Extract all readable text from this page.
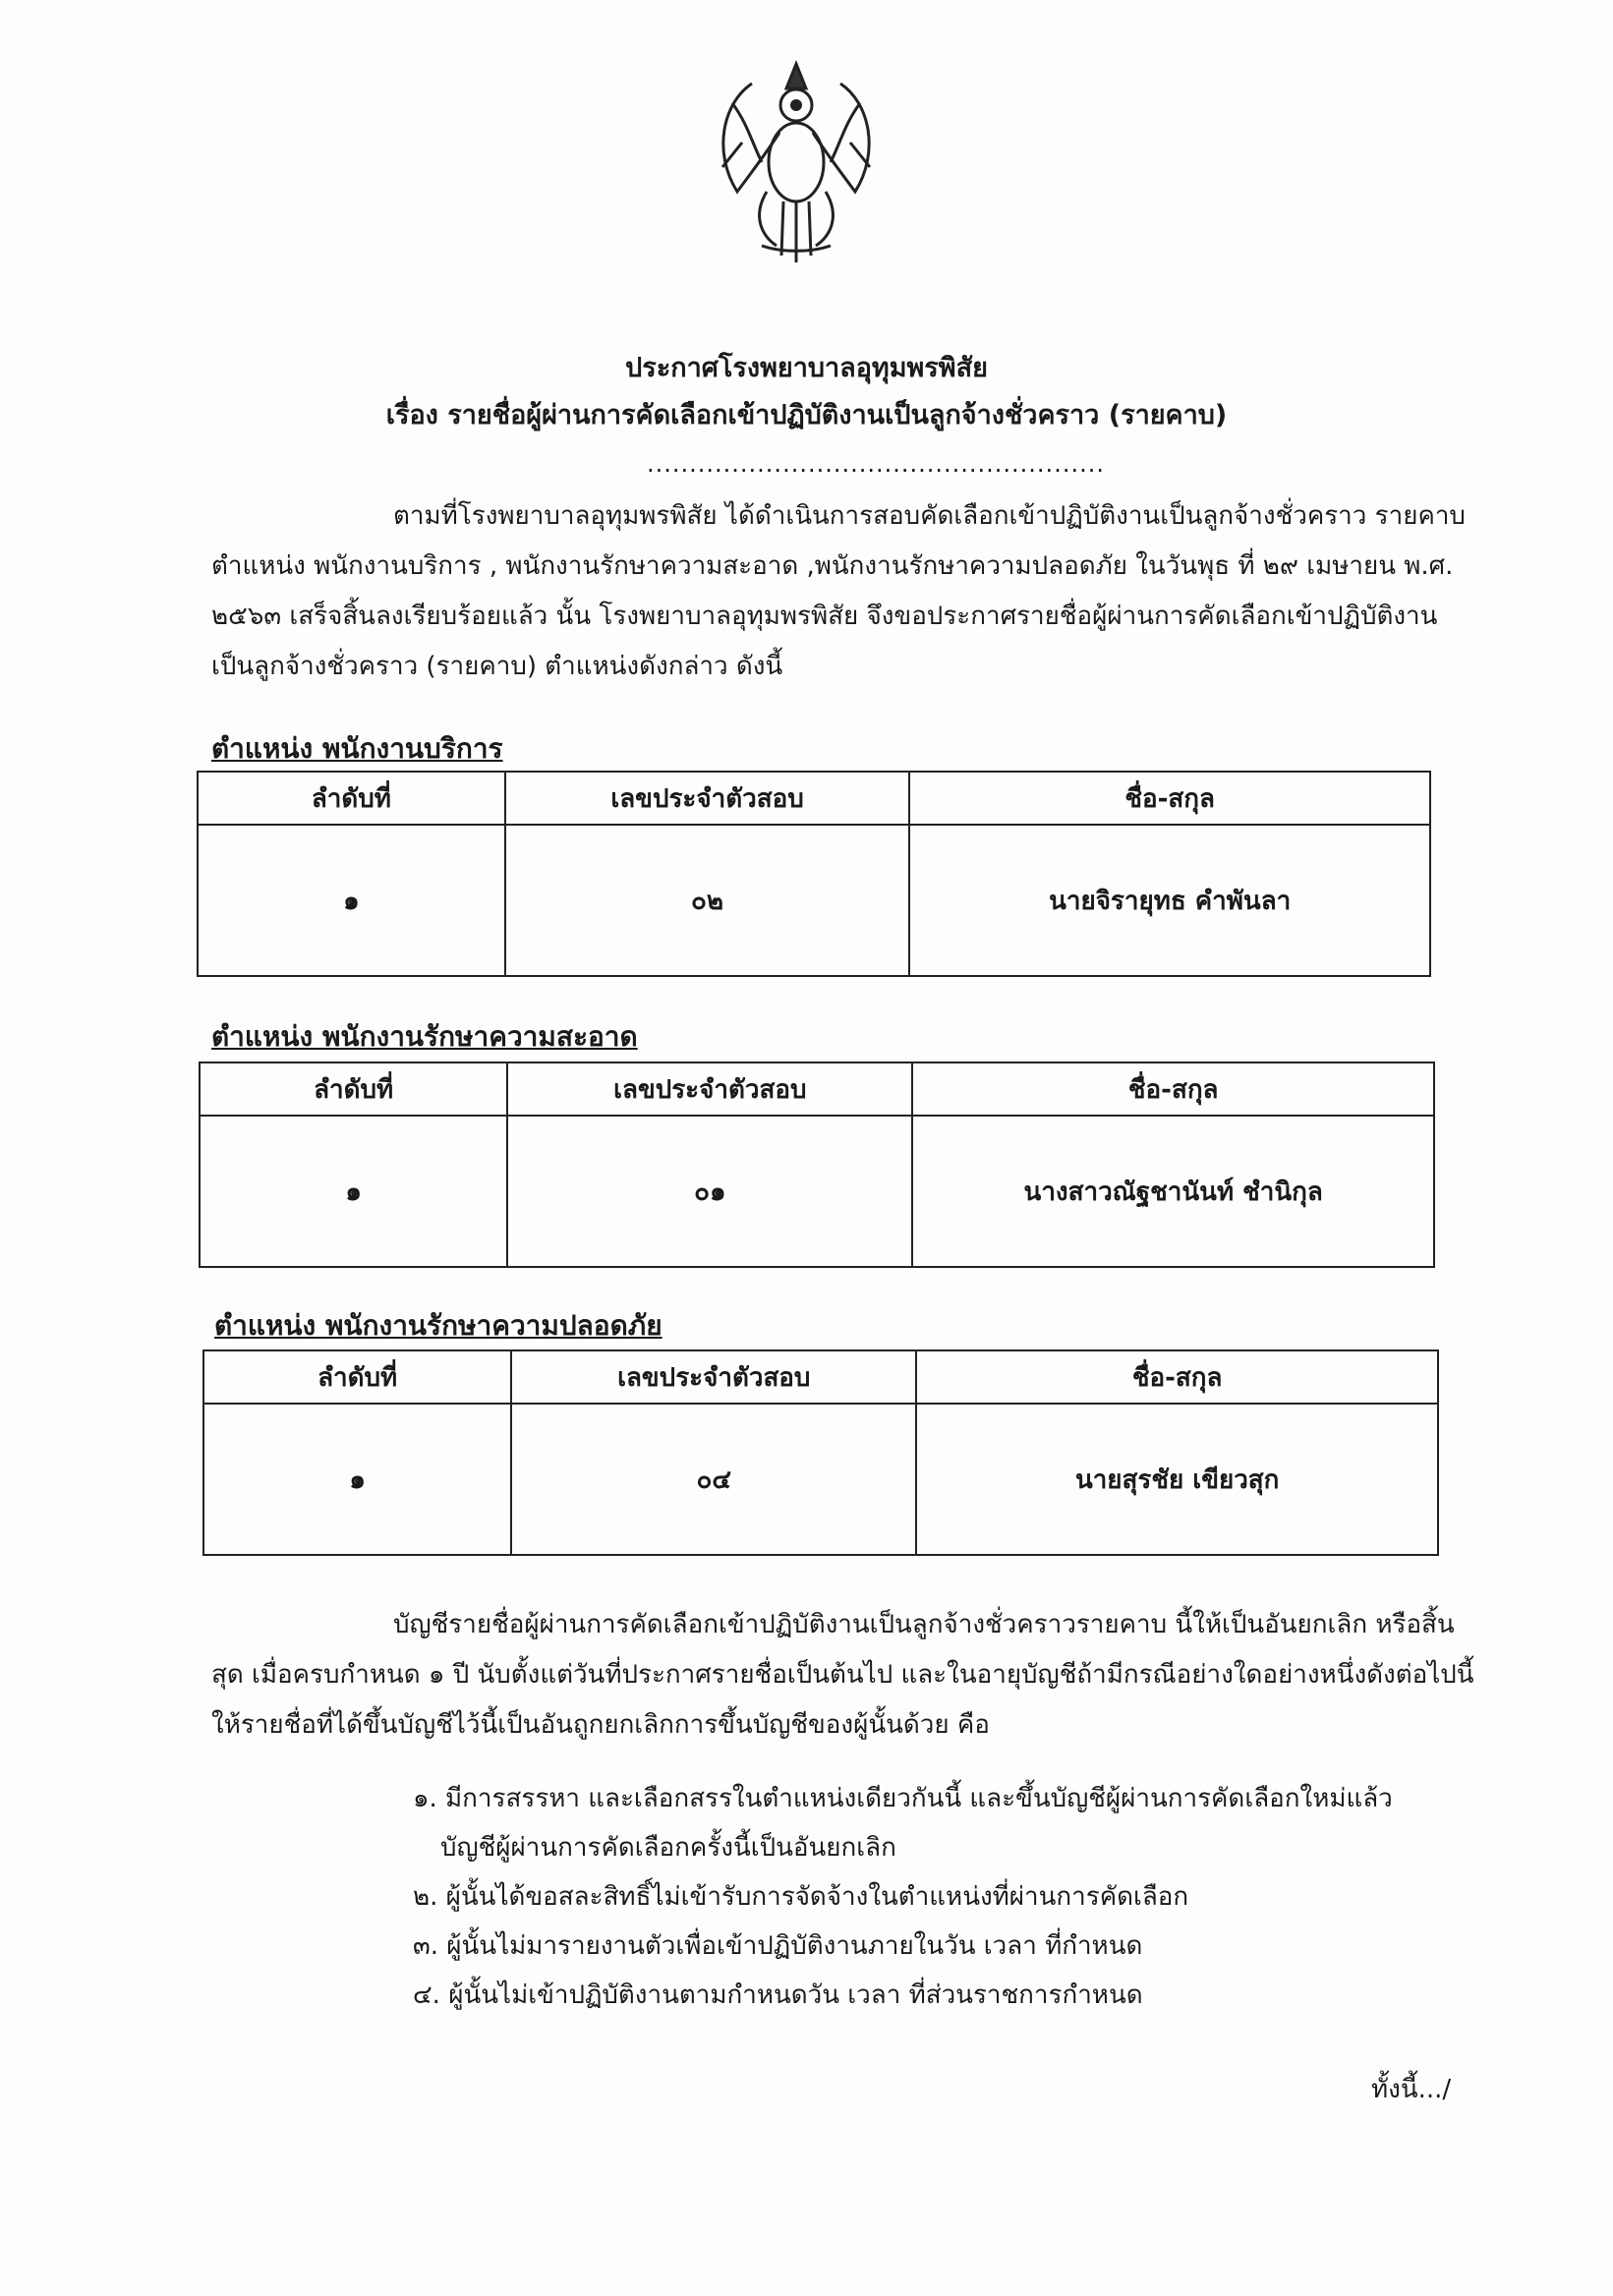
ประกาศโรงพยาบาลอุทุมพรพิสัย
เรื่อง รายชื่อผู้ผ่านการคัดเลือกเข้าปฏิบัติงานเป็นลูกจ้างชั่วคราว (รายคาบ)
......................................................
ตามที่โรงพยาบาลอุทุมพรพิสัย ได้ดำเนินการสอบคัดเลือกเข้าปฏิบัติงานเป็นลูกจ้างชั่วคราว รายคาบ ตำแหน่ง พนักงานบริการ , พนักงานรักษาความสะอาด ,พนักงานรักษาความปลอดภัย ในวันพุธ ที่ ๒๙ เมษายน พ.ศ. ๒๕๖๓ เสร็จสิ้นลงเรียบร้อยแล้ว นั้น โรงพยาบาลอุทุมพรพิสัย จึงขอประกาศรายชื่อผู้ผ่านการคัดเลือกเข้าปฏิบัติงานเป็นลูกจ้างชั่วคราว (รายคาบ) ตำแหน่งดังกล่าว ดังนี้
ตำแหน่ง พนักงานบริการ
ลำดับที่	เลขประจำตัวสอบ	ชื่อ-สกุล
๑	๐๒	นายจิรายุทธ คำพันลา
ตำแหน่ง พนักงานรักษาความสะอาด
ลำดับที่	เลขประจำตัวสอบ	ชื่อ-สกุล
๑	๐๑	นางสาวณัฐชานันท์ ชำนิกุล
ตำแหน่ง พนักงานรักษาความปลอดภัย
ลำดับที่	เลขประจำตัวสอบ	ชื่อ-สกุล
๑	๐๔	นายสุรชัย เขียวสุก
บัญชีรายชื่อผู้ผ่านการคัดเลือกเข้าปฏิบัติงานเป็นลูกจ้างชั่วคราวรายคาบ นี้ให้เป็นอันยกเลิก หรือสิ้นสุด เมื่อครบกำหนด ๑ ปี นับตั้งแต่วันที่ประกาศรายชื่อเป็นต้นไป และในอายุบัญชีถ้ามีกรณีอย่างใดอย่างหนึ่งดังต่อไปนี้ให้รายชื่อที่ได้ขึ้นบัญชีไว้นี้เป็นอันถูกยกเลิกการขึ้นบัญชีของผู้นั้นด้วย คือ
๑. มีการสรรหา และเลือกสรรในตำแหน่งเดียวกันนี้ และขึ้นบัญชีผู้ผ่านการคัดเลือกใหม่แล้ว
บัญชีผู้ผ่านการคัดเลือกครั้งนี้เป็นอันยกเลิก
๒. ผู้นั้นได้ขอสละสิทธิ์ไม่เข้ารับการจัดจ้างในตำแหน่งที่ผ่านการคัดเลือก
๓. ผู้นั้นไม่มารายงานตัวเพื่อเข้าปฏิบัติงานภายในวัน เวลา ที่กำหนด
๔. ผู้นั้นไม่เข้าปฏิบัติงานตามกำหนดวัน เวลา ที่ส่วนราชการกำหนด
ทั้งนี้.../
